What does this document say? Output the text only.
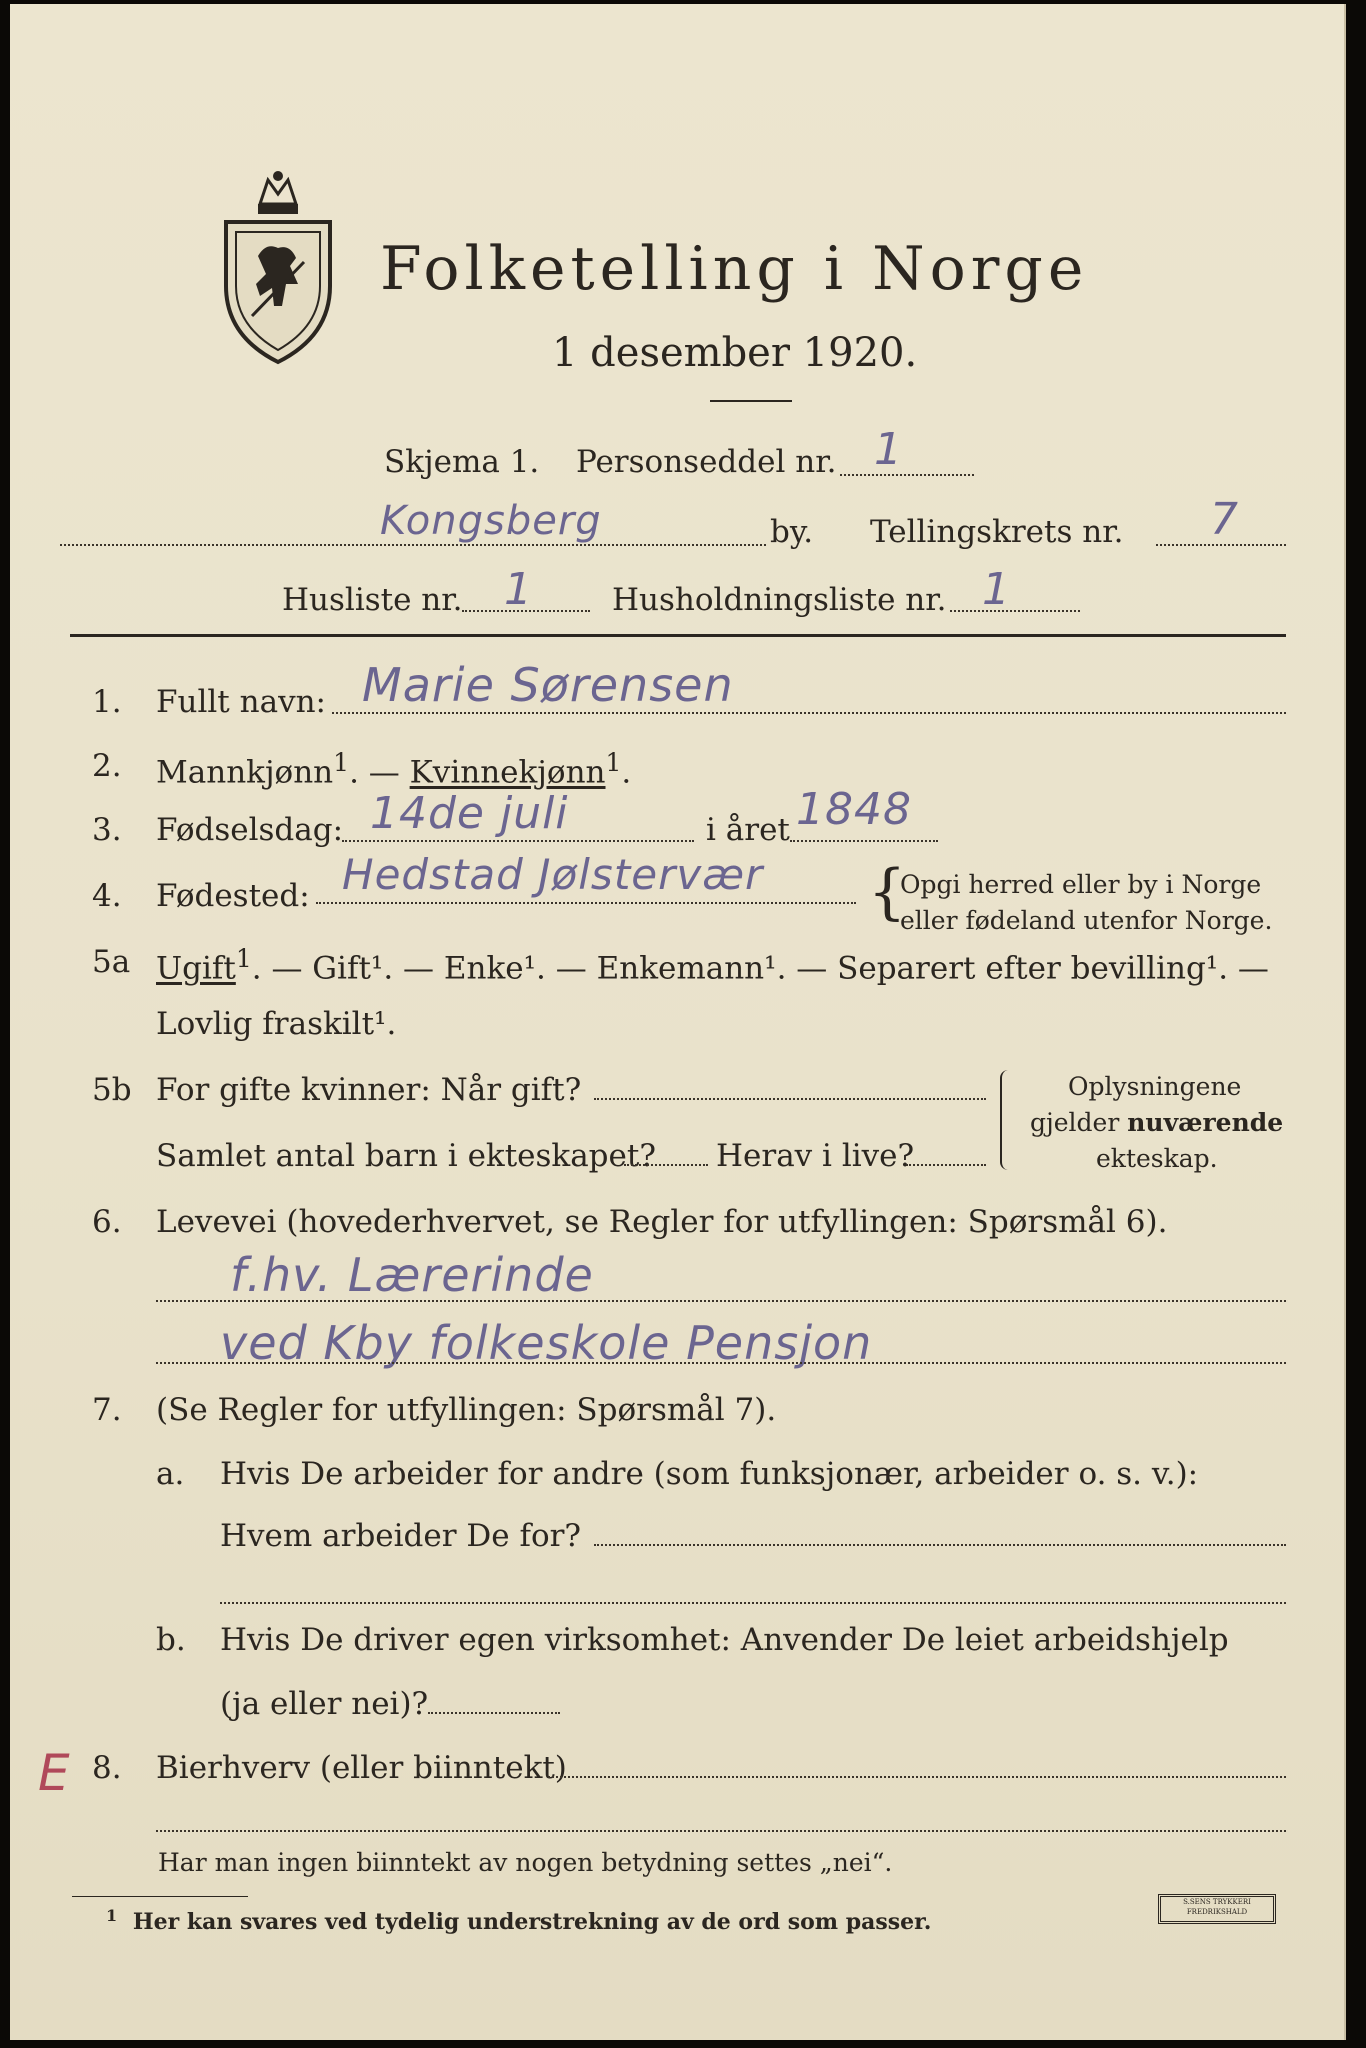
Folketelling i Norge
1 desember 1920.
Skjema 1. Personseddel nr. 1
Kongsberg	by. Tellingskrets nr. 7
Husliste nr. 1	Husholdningsliste nr. 1
1. Fullt navn: Marie Sørensen
2. Mannkjønn$^1$. — Kvinnekjønn$^1$.
3. Fødselsdag: 14de juli	i året 1848
4. Fødested: Hedstad Jølstervær {
Opgi herred eller by i Norge
eller fødeland utenfor Norge.
5a Ugift$^1$. — Gift¹. — Enke¹. — Enkemann¹. — Separert efter bevilling¹. —
Lovlig fraskilt¹.
5b For gifte kvinner: Når gift?
Samlet antal barn i ekteskapet? Herav i live?
Oplysningene
gjelder nuværende
ekteskap.
6. Levevei (hovederhvervet, se Regler for utfyllingen: Spørsmål 6).
f.hv. Lærerinde
ved Kby folkeskole Pensjon
7. (Se Regler for utfyllingen: Spørsmål 7).
a. Hvis De arbeider for andre (som funksjonær, arbeider o. s. v.):
Hvem arbeider De for?
b. Hvis De driver egen virksomhet: Anvender De leiet arbeidshjelp
(ja eller nei)?
E 8. Bierhverv (eller biinntekt)
Har man ingen biinntekt av nogen betydning settes „nei“.
$^1$ Her kan svares ved tydelig understrekning av de ord som passer.
S.SENS TRYKKERI FREDRIKSHALD
